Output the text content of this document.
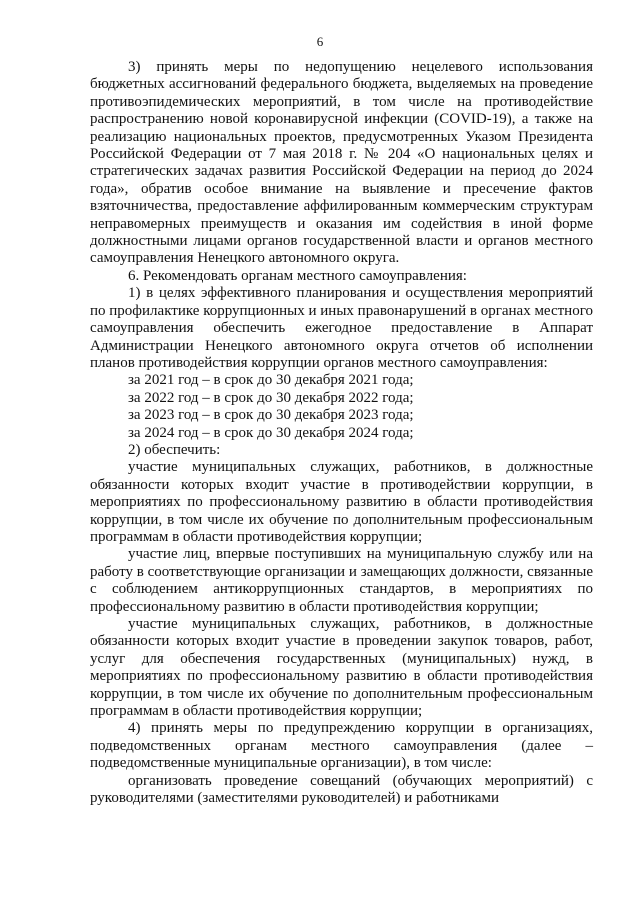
6

3) принять меры по недопущению нецелевого использования бюджетных ассигнований федерального бюджета, выделяемых на проведение противоэпидемических мероприятий, в том числе на противодействие распространению новой коронавирусной инфекции (COVID-19), а также на реализацию национальных проектов, предусмотренных Указом Президента Российской Федерации от 7 мая 2018 г. № 204 «О национальных целях и стратегических задачах развития Российской Федерации на период до 2024 года», обратив особое внимание на выявление и пресечение фактов взяточничества, предоставление аффилированным коммерческим структурам неправомерных преимуществ и оказания им содействия в иной форме должностными лицами органов государственной власти и органов местного самоуправления Ненецкого автономного округа.

6. Рекомендовать органам местного самоуправления:

1) в целях эффективного планирования и осуществления мероприятий по профилактике коррупционных и иных правонарушений в органах местного самоуправления обеспечить ежегодное предоставление в Аппарат Администрации Ненецкого автономного округа отчетов об исполнении планов противодействия коррупции органов местного самоуправления:

за 2021 год – в срок до 30 декабря 2021 года;

за 2022 год – в срок до 30 декабря 2022 года;

за 2023 год – в срок до 30 декабря 2023 года;

за 2024 год – в срок до 30 декабря 2024 года;

2) обеспечить:

участие муниципальных служащих, работников, в должностные обязанности которых входит участие в противодействии коррупции, в мероприятиях по профессиональному развитию в области противодействия коррупции, в том числе их обучение по дополнительным профессиональным программам в области противодействия коррупции;

участие лиц, впервые поступивших на муниципальную службу или на работу в соответствующие организации и замещающих должности, связанные с соблюдением антикоррупционных стандартов, в мероприятиях по профессиональному развитию в области противодействия коррупции;

участие муниципальных служащих, работников, в должностные обязанности которых входит участие в проведении закупок товаров, работ, услуг для обеспечения государственных (муниципальных) нужд, в мероприятиях по профессиональному развитию в области противодействия коррупции, в том числе их обучение по дополнительным профессиональным программам в области противодействия коррупции;

4) принять меры по предупреждению коррупции в организациях, подведомственных органам местного самоуправления (далее – подведомственные муниципальные организации), в том числе:

организовать проведение совещаний (обучающих мероприятий) с руководителями (заместителями руководителей) и работниками
